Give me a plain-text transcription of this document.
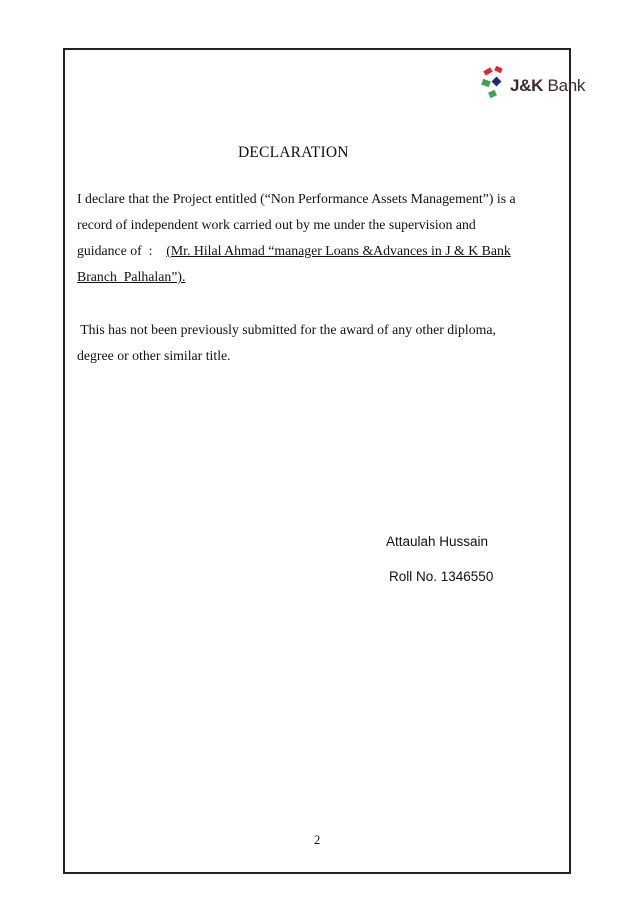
J&K Bank
DECLARATION
I declare that the Project entitled (“Non Performance Assets Management”) is a
record of independent work carried out by me under the supervision and
guidance of  :    (Mr. Hilal Ahmad “manager Loans &Advances in J & K Bank
Branch  Palhalan”).
This has not been previously submitted for the award of any other diploma,
degree or other similar title.
Attaulah Hussain
Roll No. 1346550
2
